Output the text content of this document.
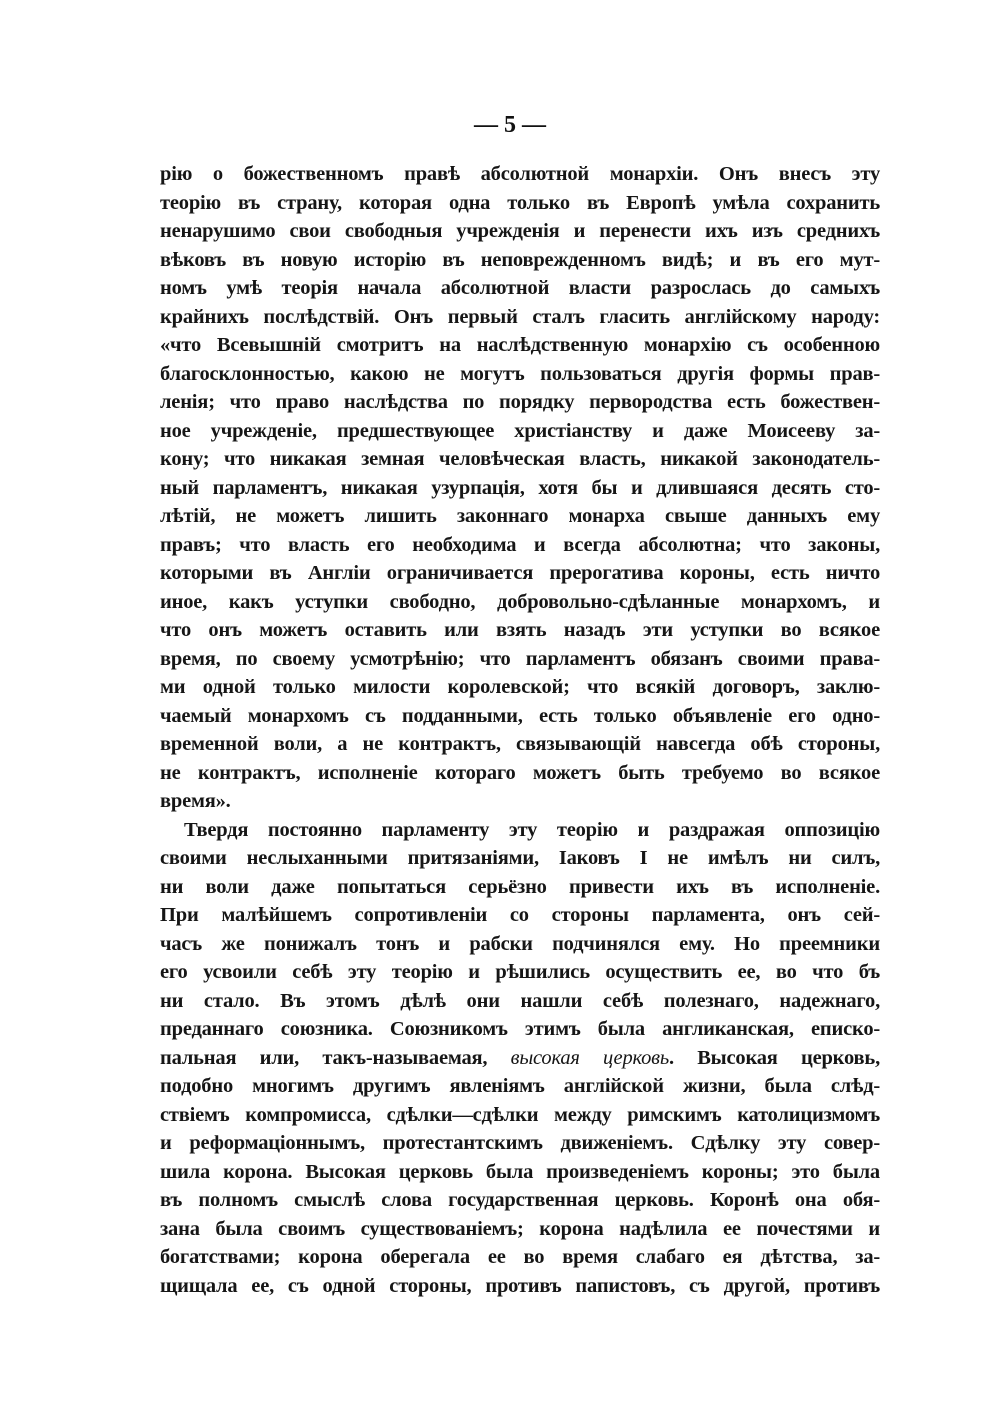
— 5 —
рію о божественномъ правѣ абсолютной монархіи. Онъ внесъ эту
теорію въ страну, которая одна только въ Европѣ умѣла сохранить
ненарушимо свои свободныя учрежденія и перенести ихъ изъ среднихъ
вѣковъ въ новую исторію въ неповрежденномъ видѣ; и въ его мут-
номъ умѣ теорія начала абсолютной власти разрослась до самыхъ
крайнихъ послѣдствій. Онъ первый сталъ гласить англійскому народу:
«что Всевышній смотритъ на наслѣдственную монархію съ особенною
благосклонностью, какою не могутъ пользоваться другія формы прав-
ленія; что право наслѣдства по порядку первородства есть божествен-
ное учрежденіе, предшествующее христіанству и даже Моисееву за-
кону; что никакая земная человѣческая власть, никакой законодатель-
ный парламентъ, никакая узурпація, хотя бы и длившаяся десять сто-
лѣтій, не можетъ лишить законнаго монарха свыше данныхъ ему
правъ; что власть его необходима и всегда абсолютна; что законы,
которыми въ Англіи ограничивается прерогатива короны, есть ничто
иное, какъ уступки свободно, добровольно-сдѣланные монархомъ, и
что онъ можетъ оставить или взять назадъ эти уступки во всякое
время, по своему усмотрѣнію; что парламентъ обязанъ своими права-
ми одной только милости королевской; что всякій договоръ, заклю-
чаемый монархомъ съ подданными, есть только объявленіе его одно-
временной воли, а не контрактъ, связывающій навсегда обѣ стороны,
не контрактъ, исполненіе котораго можетъ быть требуемо во всякое
время».
Твердя постоянно парламенту эту теорію и раздражая оппозицію
своими неслыханными притязаніями, Іаковъ I не имѣлъ ни силъ,
ни воли даже попытаться серьёзно привести ихъ въ исполненіе.
При малѣйшемъ сопротивленіи со стороны парламента, онъ сей-
часъ же понижалъ тонъ и рабски подчинялся ему. Но преемники
его усвоили себѣ эту теорію и рѣшились осуществить ее, во что бъ
ни стало. Въ этомъ дѣлѣ они нашли себѣ полезнаго, надежнаго,
преданнаго союзника. Союзникомъ этимъ была англиканская, еписко-
пальная или, такъ-называемая, высокая церковь. Высокая церковь,
подобно многимъ другимъ явленіямъ англійской жизни, была слѣд-
ствіемъ компромисса, сдѣлки—сдѣлки между римскимъ католицизмомъ
и реформаціоннымъ, протестантскимъ движеніемъ. Сдѣлку эту совер-
шила корона. Высокая церковь была произведеніемъ короны; это была
въ полномъ смыслѣ слова государственная церковь. Коронѣ она обя-
зана была своимъ существованіемъ; корона надѣлила ее почестями и
богатствами; корона оберегала ее во время слабаго ея дѣтства, за-
щищала ее, съ одной стороны, противъ папистовъ, съ другой, противъ
